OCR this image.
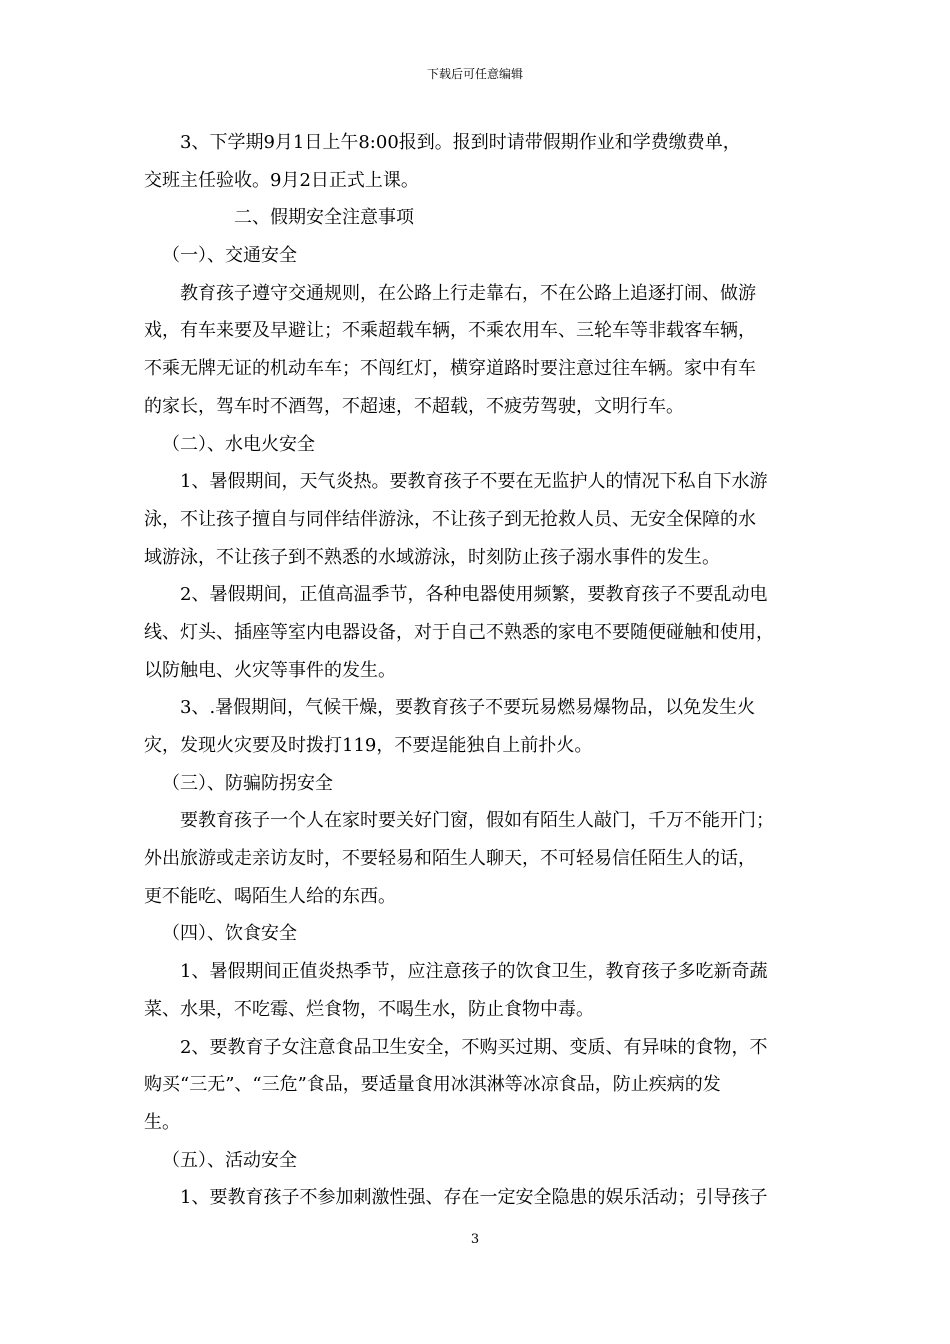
下载后可任意编辑
3、下学期9月1日上午8:00报到。报到时请带假期作业和学费缴费单，
交班主任验收。9月2日正式上课。
二、假期安全注意事项
（一）、交通安全
教育孩子遵守交通规则，在公路上行走靠右，不在公路上追逐打闹、做游
戏，有车来要及早避让；不乘超载车辆，不乘农用车、三轮车等非载客车辆，
不乘无牌无证的机动车车；不闯红灯，横穿道路时要注意过往车辆。家中有车
的家长，驾车时不酒驾，不超速，不超载，不疲劳驾驶，文明行车。
（二）、水电火安全
1、暑假期间，天气炎热。要教育孩子不要在无监护人的情况下私自下水游
泳，不让孩子擅自与同伴结伴游泳，不让孩子到无抢救人员、无安全保障的水
域游泳，不让孩子到不熟悉的水域游泳，时刻防止孩子溺水事件的发生。
2、暑假期间，正值高温季节，各种电器使用频繁，要教育孩子不要乱动电
线、灯头、插座等室内电器设备，对于自己不熟悉的家电不要随便碰触和使用，
以防触电、火灾等事件的发生。
3、.暑假期间，气候干燥，要教育孩子不要玩易燃易爆物品，以免发生火
灾，发现火灾要及时拨打119，不要逞能独自上前扑火。
（三）、防骗防拐安全
要教育孩子一个人在家时要关好门窗，假如有陌生人敲门，千万不能开门；
外出旅游或走亲访友时，不要轻易和陌生人聊天，不可轻易信任陌生人的话，
更不能吃、喝陌生人给的东西。
（四）、饮食安全
1、暑假期间正值炎热季节，应注意孩子的饮食卫生，教育孩子多吃新奇蔬
菜、水果，不吃霉、烂食物，不喝生水，防止食物中毒。
2、要教育子女注意食品卫生安全，不购买过期、变质、有异味的食物，不
购买“三无”、“三危”食品，要适量食用冰淇淋等冰凉食品，防止疾病的发
生。
（五）、活动安全
1、要教育孩子不参加刺激性强、存在一定安全隐患的娱乐活动；引导孩子
3
